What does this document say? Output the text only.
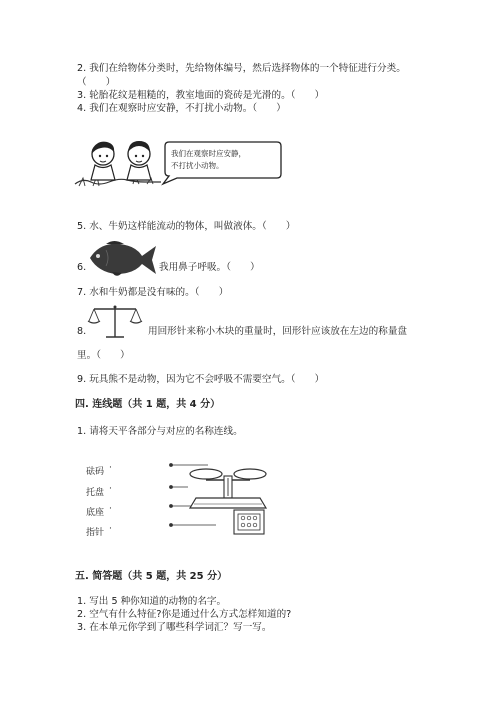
2. 我们在给物体分类时，先给物体编号，然后选择物体的一个特征进行分类。
（　　）
3. 轮胎花纹是粗糙的，教室地面的瓷砖是光滑的。（　　）
4. 我们在观察时应安静，不打扰小动物。（　　）
我们在观察时应安静，
不打扰小动物。
5. 水、牛奶这样能流动的物体，叫做液体。（　　）
6.	我用鼻子呼吸。（　　）
7. 水和牛奶都是没有味的。（　　）
8.	用回形针来称小木块的重量时，回形针应该放在左边的称量盘
里。（　　）
9. 玩具熊不是动物，因为它不会呼吸不需要空气。（　　）
四. 连线题（共 1 题，共 4 分）
1. 请将天平各部分与对应的名称连线。
砝码 ·
托盘 ·
底座 ·
指针 ·
五. 简答题（共 5 题，共 25 分）
1. 写出 5 种你知道的动物的名字。
2. 空气有什么特征?你是通过什么方式怎样知道的?
3. 在本单元你学到了哪些科学词汇？写一写。
